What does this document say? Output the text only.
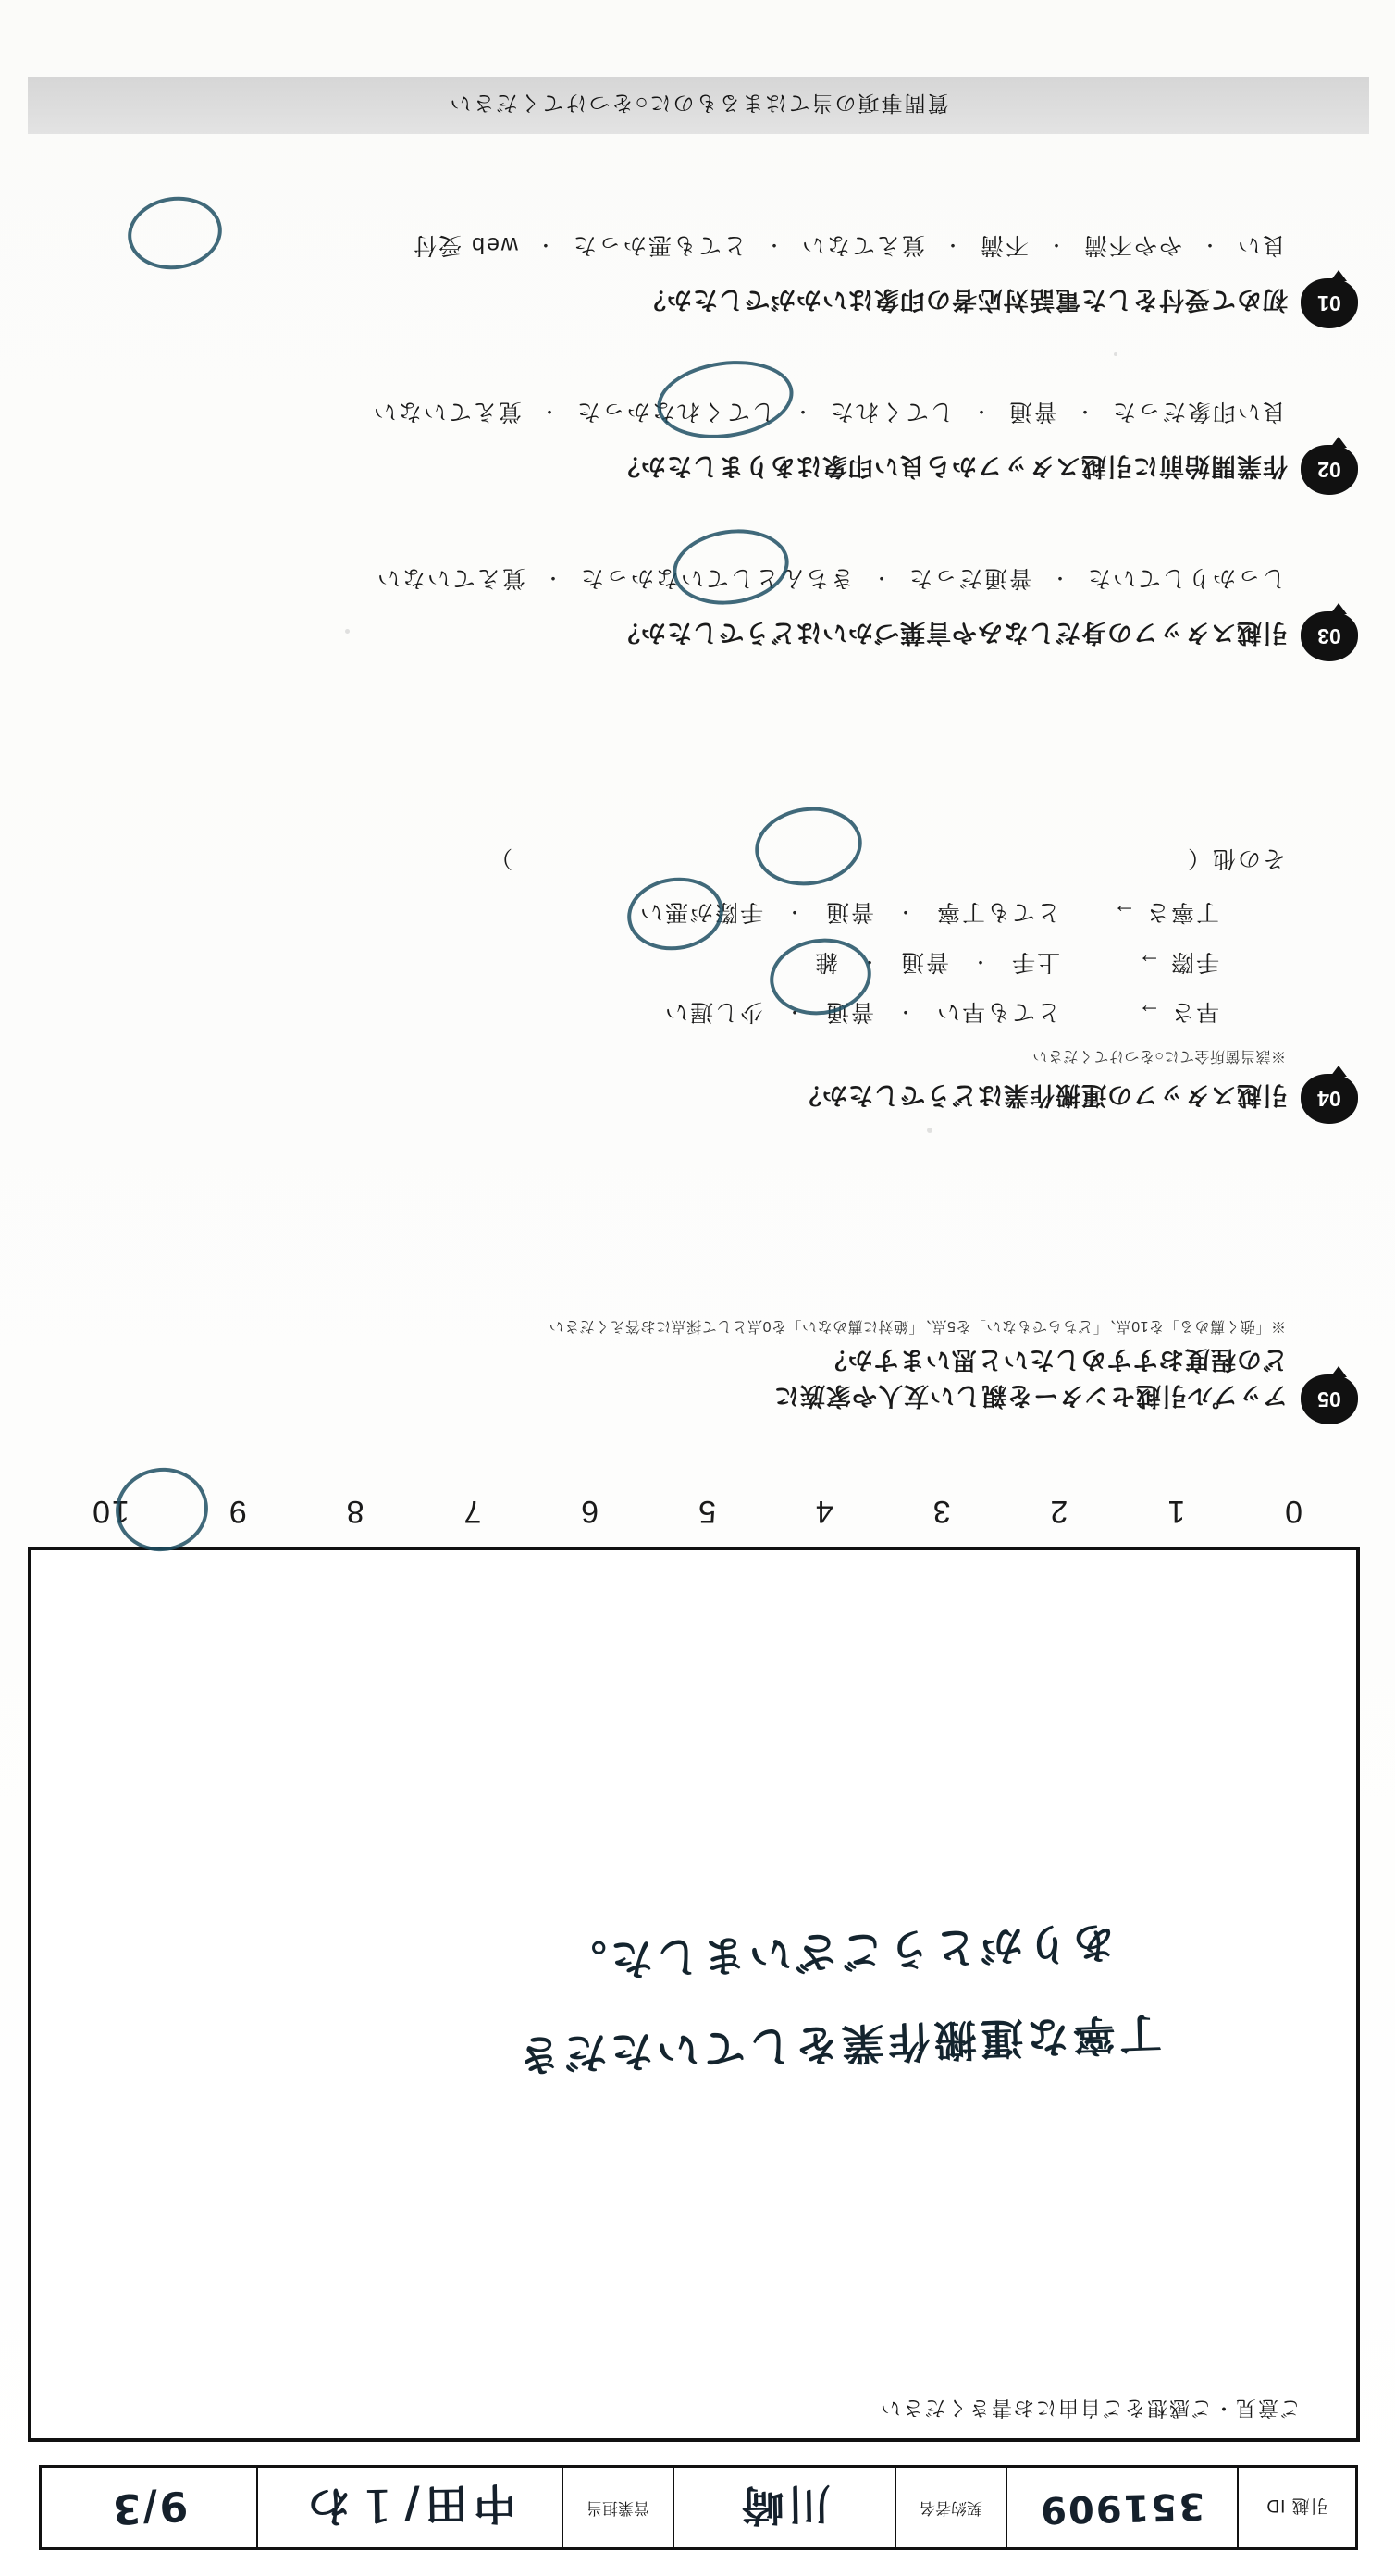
引越 ID
351909
契約者名
川崎
営業担当
中田/１わ
9/3
ご意見・ご感想をご自由にお書きください
丁寧な運搬作業をしていただき
ありがとうございました。
0
1
2
3
4
5
6
7
8
9
10
05
アップル引越センターを親しい友人や家族に
どの程度おすすめしたいと思いますか？
※「強く薦める」を10点、「どちらでもない」を5点、「絶対に薦めない」を0点として採点にお答えください
04
引越スタッフの運搬作業はどうでしたか？
※該当箇所全てに○をつけてください
早さ →
とても早い
・
普通
・
少し遅い
手際 →
上手
・
普通
・
雑
丁寧さ →
とても丁寧
・
普通
・
手際が悪い
その他（  ）
03
引越スタッフの身だしなみや言葉づかいはどうでしたか？
しっかりしていた
・
普通だった
・
きちんとしていなかった
・
覚えていない
02
作業開始前に引越スタッフから良い印象はありましたか？
良い印象だった
・
普通
・
してくれた
・
してくれなかった
・
覚えていない
01
初めて受付をした電話対応者の印象はいかがでしたか？
良い
・
やや不満
・
不満
・
覚えてない
・
とても悪かった
・
web 受付
質問事項の当てはまるものに○をつけてください
